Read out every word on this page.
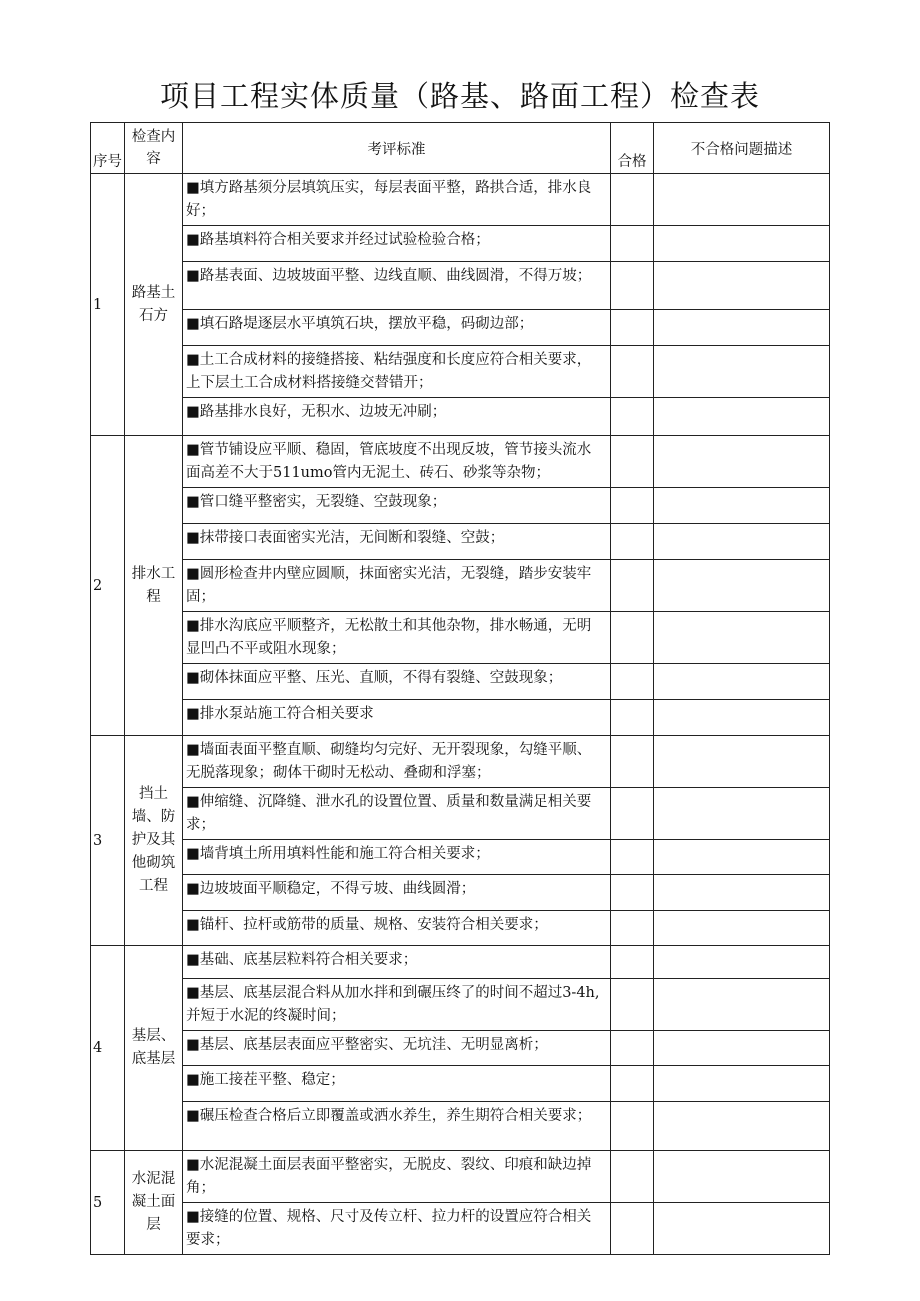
项目工程实体质量（路基、路面工程）检查表
序号	检查内容	考评标准	合格	不合格问题描述
1	路基土石方	■填方路基须分层填筑压实，每层表面平整，路拱合适，排水良好；		
		■路基填料符合相关要求并经过试验检验合格；		
		■路基表面、边坡坡面平整、边线直顺、曲线圆滑，不得万坡；		
		■填石路堤逐层水平填筑石块，摆放平稳，码砌边部；		
		■土工合成材料的接缝搭接、粘结强度和长度应符合相关要求，上下层土工合成材料搭接缝交替错开；		
		■路基排水良好，无积水、边坡无冲刷；		
2	排水工程	■管节铺设应平顺、稳固，管底坡度不出现反坡，管节接头流水面高差不大于511umo管内无泥土、砖石、砂浆等杂物；		
		■管口缝平整密实，无裂缝、空鼓现象；		
		■抹带接口表面密实光洁，无间断和裂缝、空鼓；		
		■圆形检查井内壁应圆顺，抹面密实光洁，无裂缝，踏步安装牢固；		
		■排水沟底应平顺整齐，无松散土和其他杂物，排水畅通，无明显凹凸不平或阻水现象；		
		■砌体抹面应平整、压光、直顺，不得有裂缝、空鼓现象；		
		■排水泵站施工符合相关要求		
3	挡土墙、防护及其他砌筑工程	■墙面表面平整直顺、砌缝均匀完好、无开裂现象，勾缝平顺、无脱落现象；砌体干砌时无松动、叠砌和浮塞；		
		■伸缩缝、沉降缝、泄水孔的设置位置、质量和数量满足相关要求；		
		■墙背填土所用填料性能和施工符合相关要求；		
		■边坡坡面平顺稳定，不得亏坡、曲线圆滑；		
		■锚杆、拉杆或筋带的质量、规格、安装符合相关要求；		
4	基层、底基层	■基础、底基层粒料符合相关要求；		
		■基层、底基层混合料从加水拌和到碾压终了的时间不超过3-4h,并短于水泥的终凝时间；		
		■基层、底基层表面应平整密实、无坑洼、无明显离析；		
		■施工接茬平整、稳定；		
		■碾压检查合格后立即覆盖或洒水养生，养生期符合相关要求；		
5	水泥混凝土面层	■水泥混凝土面层表面平整密实，无脱皮、裂纹、印痕和缺边掉角；		
		■接缝的位置、规格、尺寸及传立杆、拉力杆的设置应符合相关要求；		
